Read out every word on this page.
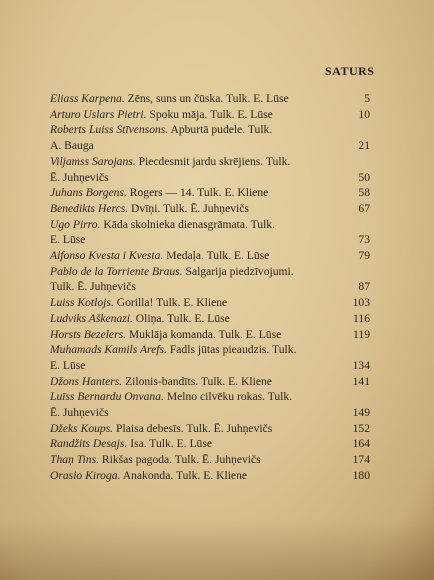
SATURS
Eliass Karpena. Zēns, suns un čūska. Tulk. E. Lūse	5
Arturo Uslars Pietri. Spoku māja. Tulk. E. Lūse	10
Roberts Luiss Stīvensons. Apburtā pudele. Tulk.
A. Bauga	21
Viljamss Sarojans. Piecdesmit jardu skrējiens. Tulk.
Ē. Juhņevičs	50
Juhans Borgens. Rogers — 14. Tulk. E. Kliene	58
Benedikts Hercs. Dvīņi. Tulk. Ē. Juhņevičs	67
Ugo Pirro. Kāda skolnieka dienasgrāmata. Tulk.
E. Lūse	73
Alfonso Kvesta i Kvesta. Medaļa. Tulk. E. Lūse	79
Pablo de la Torriente Braus. Salgarija piedzīvojumi.
Tulk. Ē. Juhņevičs	87
Luiss Kotlojs. Gorilla! Tulk. E. Kliene	103
Ludviks Aškenazi. Oliņa. Tulk. E. Lūse	116
Horsts Bezelers. Muklāja komanda. Tulk. E. Lūse	119
Muhamads Kamils Arefs. Fadls jūtas pieaudzis. Tulk.
E. Lūse	134
Džons Hanters. Zilonis-bandīts. Tulk. E. Kliene	141
Luīss Bernardu Onvana. Melno cilvēku rokas. Tulk.
Ē. Juhņevičs	149
Džeks Koups. Plaisa debesīs. Tulk. Ē. Juhņevičs	152
Randžits Desajs. Isa. Tulk. E. Lūse	164
Thaņ Tins. Rikšas pagoda. Tulk. Ē. Juhņevičs	174
Orasio Kiroga. Anakonda. Tulk. E. Kliene	180
